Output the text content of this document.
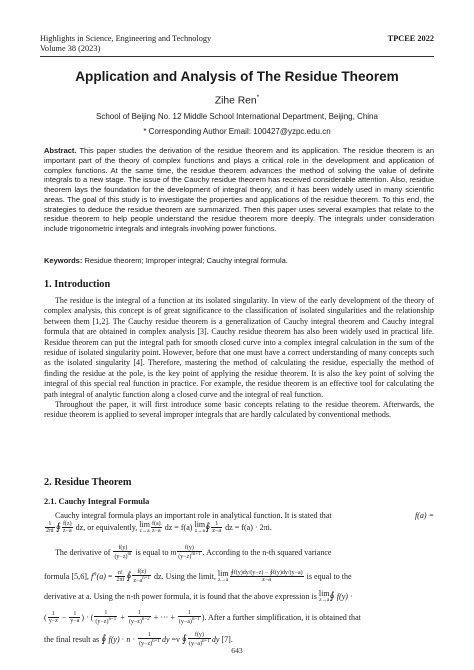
Highlights in Science, Engineering and Technology	TPCEE 2022
Volume 38 (2023)
Application and Analysis of The Residue Theorem
Zihe Ren*
School of Beijing No. 12 Middle School International Department, Beijing, China
* Corresponding Author Email: 100427@yzpc.edu.cn
Abstract. This paper studies the derivation of the residue theorem and its application. The residue theorem is an important part of the theory of complex functions and plays a critical role in the development and application of complex functions. At the same time, the residue theorem advances the method of solving the value of definite integrals to a new stage. The issue of the Cauchy residue theorem has received considerable attention. Also, residue theorem lays the foundation for the development of integral theory, and it has been widely used in many scientific areas. The goal of this study is to investigate the properties and applications of the residue theorem. To this end, the strategies to deduce the residue theorem are summarized. Then this paper uses several examples that relate to the residue theorem to help people understand the residue theorem more deeply. The integrals under consideration include trigonometric integrals and integrals involving power functions.
Keywords: Residue theorem; Improper integral; Cauchy integral formula.
1. Introduction

The residue is the integral of a function at its isolated singularity. In view of the early development of the theory of complex analysis, this concept is of great significance to the classification of isolated singularities and the relationship between them [1,2]. The Cauchy residue theorem is a generalization of Cauchy integral theorem and Cauchy integral formula that are obtained in complex analysis [3]. Cauchy residue theorem has also been widely used in practical life. Residue theorem can put the integral path for smooth closed curve into a complex integral calculation in the sum of the residue of isolated singularity point. However, before that one must have a correct understanding of many concepts such as the isolated singularity [4]. Therefore, mastering the method of calculating the residue, especially the method of finding the residue at the pole, is the key point of applying the residue theorem. It is also the key point of solving the integral of this special real function in practice. For example, the residue theorem is an effective tool for calculating the path integral of analytic function along a closed curve and the integral of real function.

Throughout the paper, it will first introduce some basic concepts relating to the residue theorem. Afterwards, the residue theorem is applied to several improper integrals that are hardly calculated by conventional methods.

2. Residue Theorem
2.1. Cauchy Integral Formula
Cauchy integral formula plays an important role in analytical function. It is stated that	f(a) =
$\frac{1}{2\pi i}$ ∮ $\frac{f(z)}{z-a}$ dz, or equivalently, lim
$z\to a \frac{f(a)}{z-a}$ dz = f(a) lim
z→a ∮ $\frac{1}{z-a}$ dz = f(a) · 2πi.
The derivative of $\frac{f(y)}{(y-z)^m}$ is equal to m $\frac{f(y)}{(y-z)^{m+1}}$ . According to the n-th squared variance
formula [5,6], $f^n(a) = \frac{n!}{2\pi i}$ ∮ $\frac{f(z)}{z-a^{n+1}}$ dz. Using the limit, lim
$z\to a \frac{∮f(y)dy/(y-z) - ∮f(y)dy/(y-a)}{z-a}$ is equal to the
derivative at a. Using the n-th power formula, it is found that the above expression is lim
z→a ∮ f(y) ·
( $\frac{1}{y-z} - \frac{1}{y-a}$ ) · ( $\frac{1}{(y-z)^{n-1}} + \frac{1}{(y-z)^{n-2}}$ + ··· + $\frac{1}{(y-a)^{n-1}}$ ). After a further simplification, it is obtained that
the final result as ∮ $f(y) \cdot n \cdot \frac{1}{(y-z)^{n+1}}$ dy =ν ∮ $\frac{f(y)}{(y-a)^{n+1}}$ dy [7].
643
